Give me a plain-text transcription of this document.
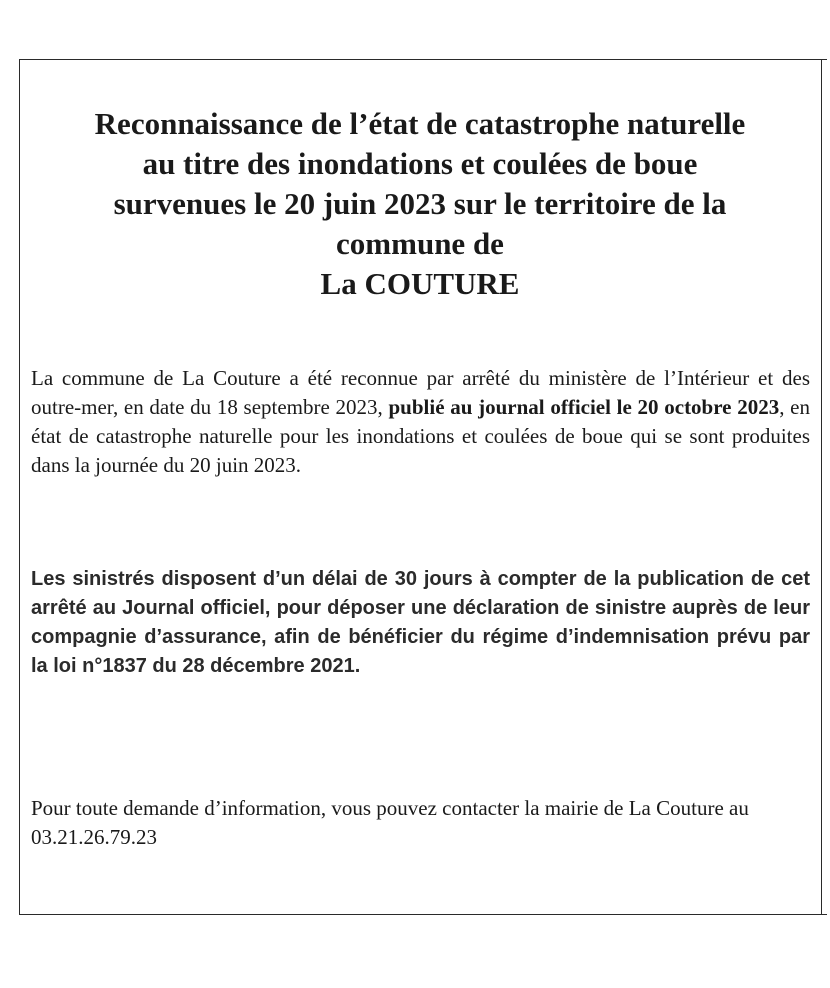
Reconnaissance de l’état de catastrophe naturelle
au titre des inondations et coulées de boue
survenues le 20 juin 2023 sur le territoire de la
commune de
La COUTURE

La commune de La Couture a été reconnue par arrêté du ministère de l’Intérieur et des outre-mer, en date du 18 septembre 2023, publié au journal officiel le 20 octobre 2023, en état de catastrophe naturelle pour les inondations et coulées de boue qui se sont produites dans la journée du 20 juin 2023.

Les sinistrés disposent d’un délai de 30 jours à compter de la publication de cet arrêté au Journal officiel, pour déposer une déclaration de sinistre auprès de leur compagnie d’assurance, afin de bénéficier du régime d’indemnisation prévu par la loi n°1837 du 28 décembre 2021.

Pour toute demande d’information, vous pouvez contacter la mairie de La Couture au 03.21.26.79.23
